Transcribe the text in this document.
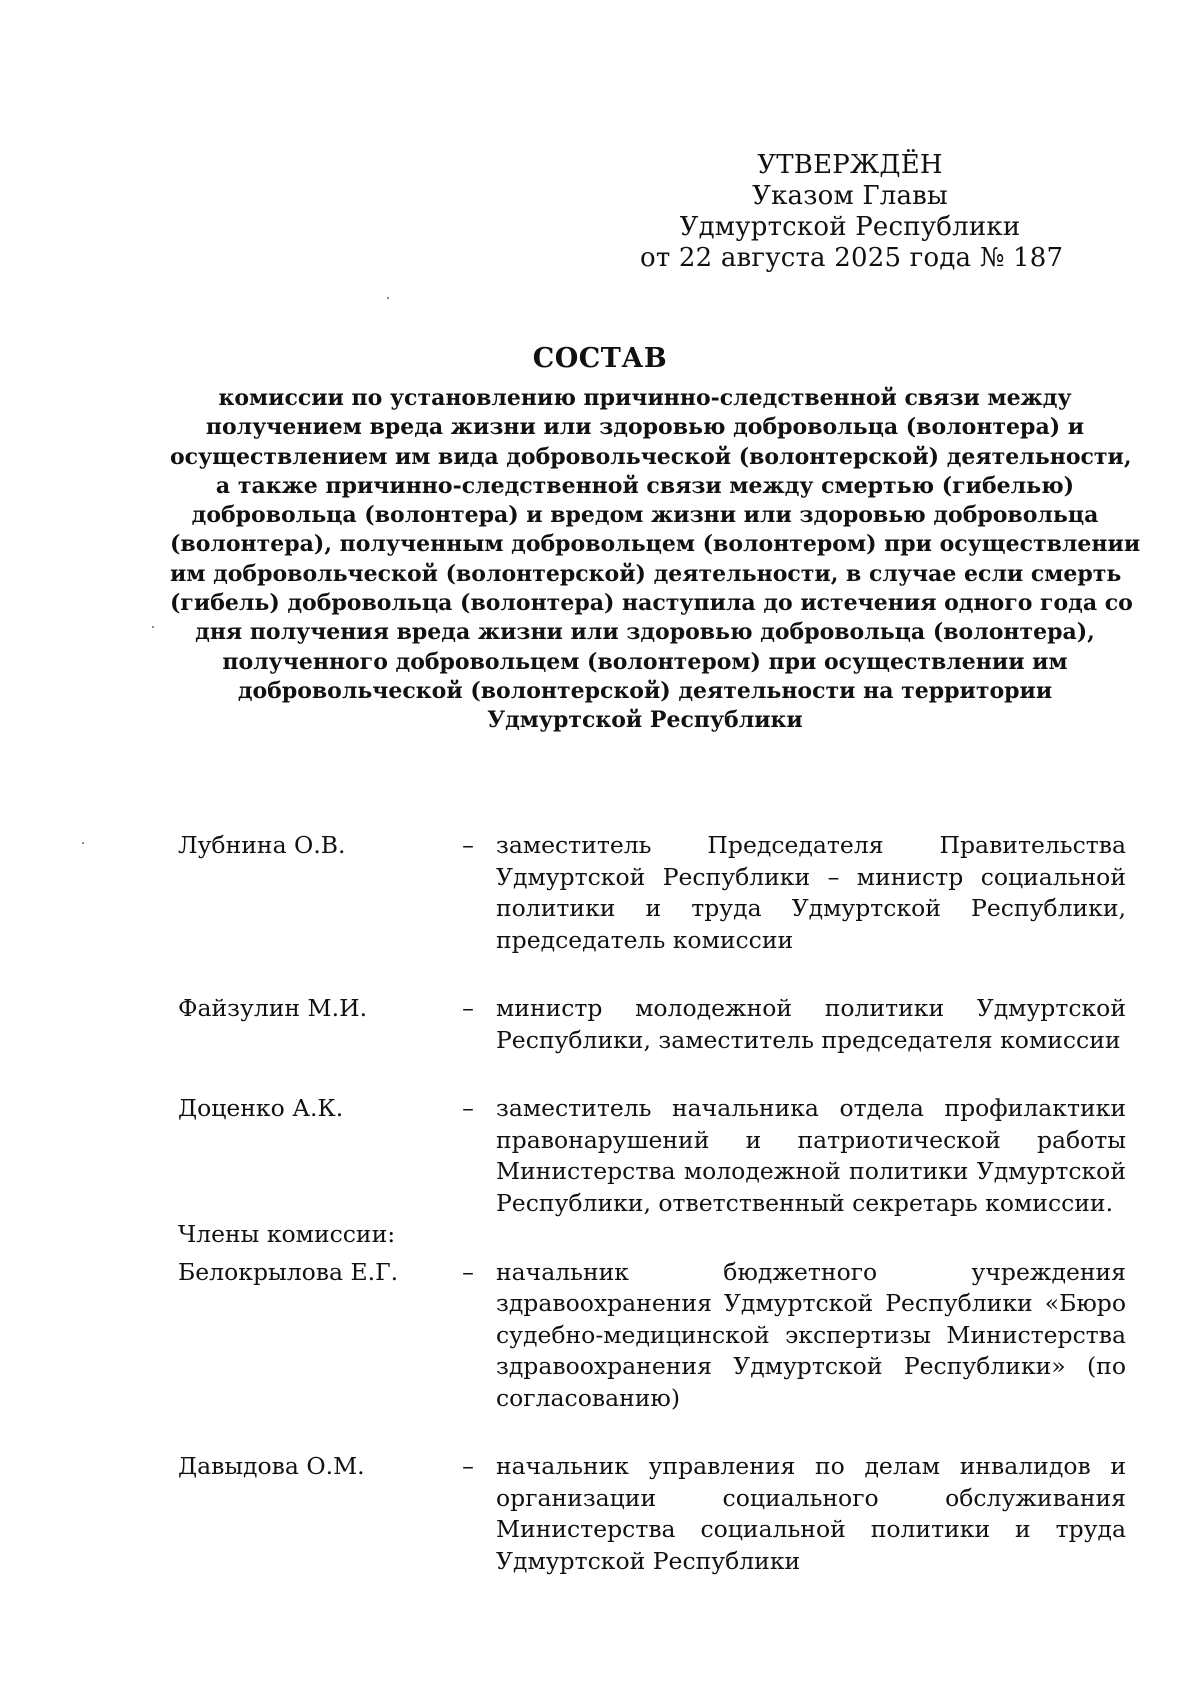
УТВЕРЖДЁН
Указом Главы
Удмуртской Республики
от 22 августа 2025 года № 187
СОСТАВ
комиссии по установлению причинно-следственной связи между
получением вреда жизни или здоровью добровольца (волонтера) и
осуществлением им вида добровольческой (волонтерской) деятельности,
а также причинно-следственной связи между смертью (гибелью)
добровольца (волонтера) и вредом жизни или здоровью добровольца
(волонтера), полученным добровольцем (волонтером) при осуществлении
им добровольческой (волонтерской) деятельности, в случае если смерть
(гибель) добровольца (волонтера) наступила до истечения одного года со
дня получения вреда жизни или здоровью добровольца (волонтера),
полученного добровольцем (волонтером) при осуществлении им
добровольческой (волонтерской) деятельности на территории
Удмуртской Республики
Лубнина О.В.	– заместитель Председателя Правительства
Удмуртской Республики – министр социальной
политики и труда Удмуртской Республики,
председатель комиссии
Файзулин М.И.	– министр молодежной политики Удмуртской
Республики, заместитель председателя комиссии
Доценко А.К.	– заместитель начальника отдела профилактики
правонарушений и патриотической работы
Министерства молодежной политики Удмуртской
Республики, ответственный секретарь комиссии.
Члены комиссии:
Белокрылова Е.Г.	– начальник бюджетного учреждения
здравоохранения Удмуртской Республики «Бюро
судебно-медицинской экспертизы Министерства
здравоохранения Удмуртской Республики» (по
согласованию)
Давыдова О.М.	– начальник управления по делам инвалидов и
организации социального обслуживания
Министерства социальной политики и труда
Удмуртской Республики
